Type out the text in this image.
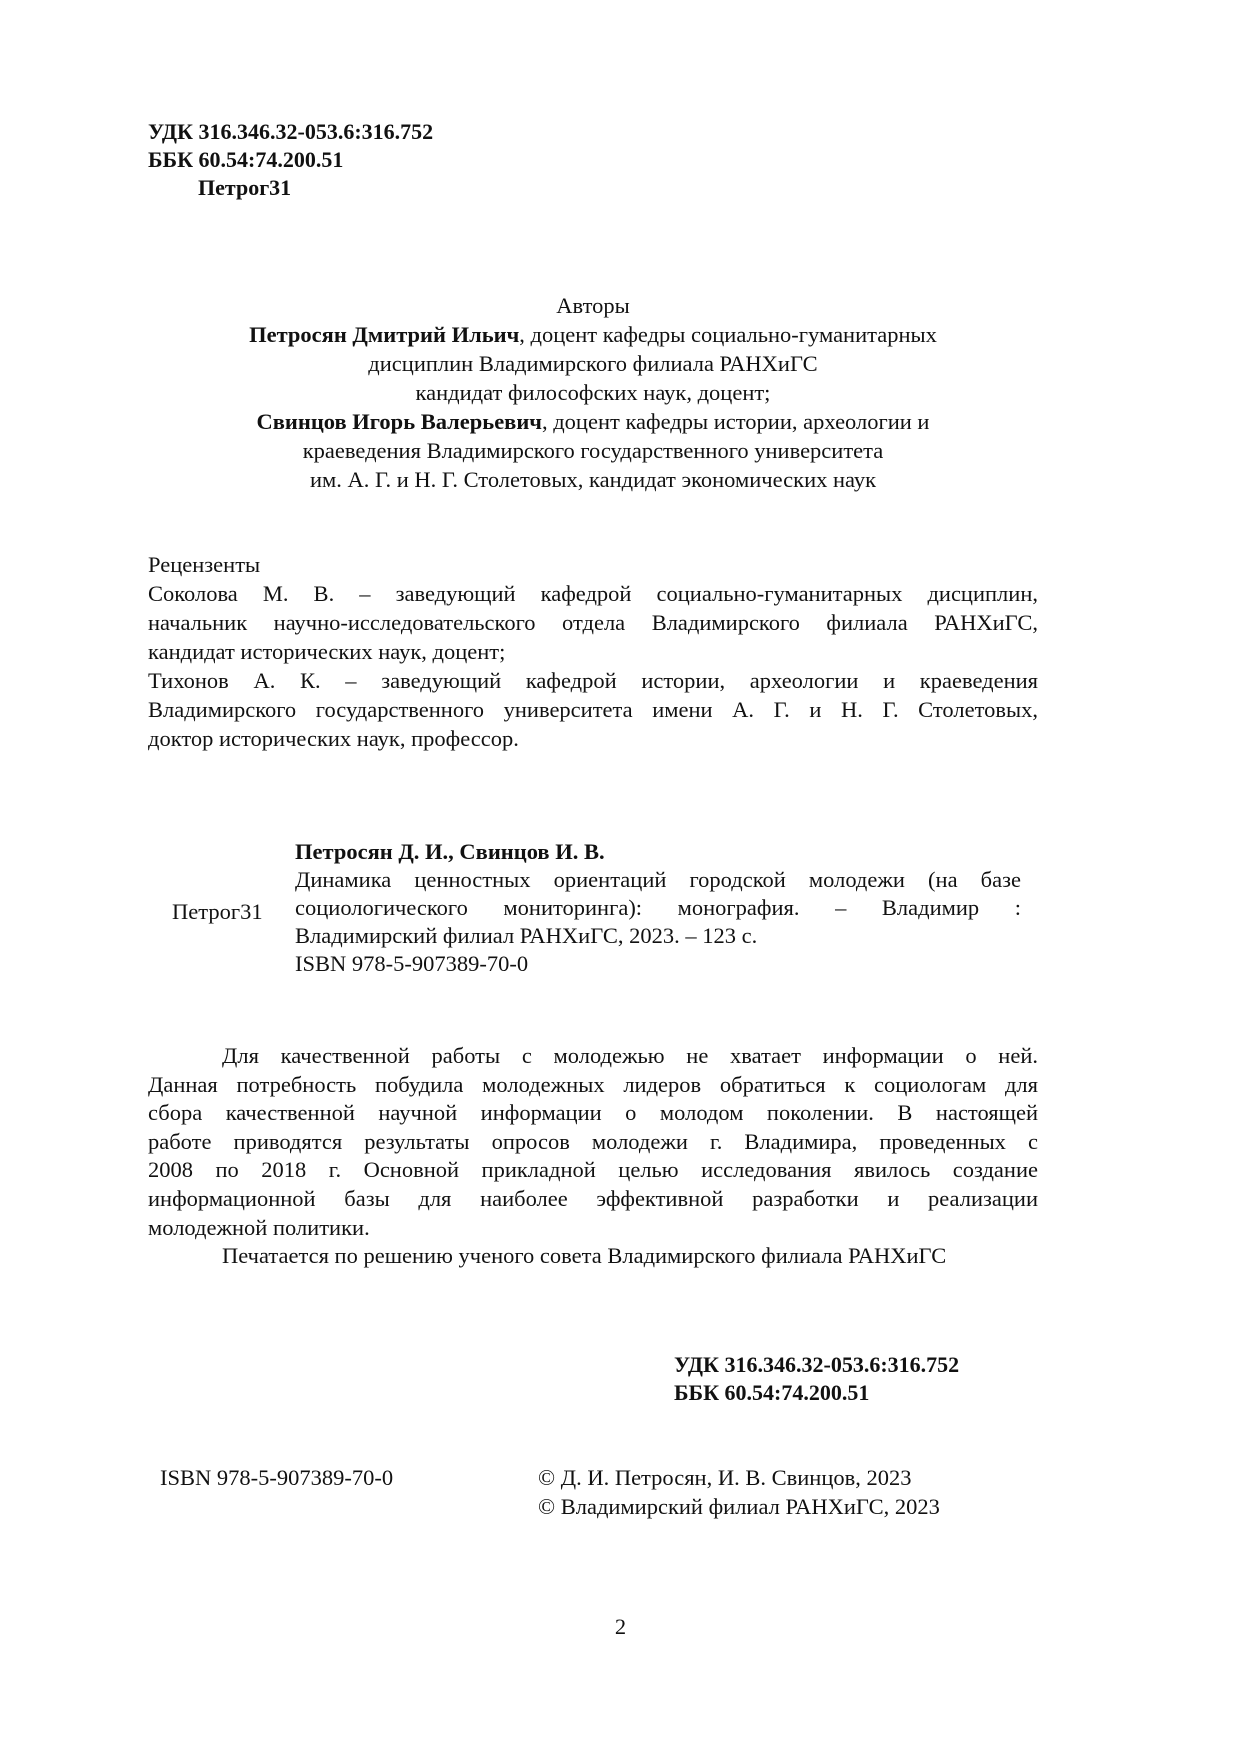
УДК 316.346.32-053.6:316.752
ББК 60.54:74.200.51
Петрог31
Авторы
Петросян Дмитрий Ильич, доцент кафедры социально-гуманитарных
дисциплин Владимирского филиала РАНХиГС
кандидат философских наук, доцент;
Свинцов Игорь Валерьевич, доцент кафедры истории, археологии и
краеведения Владимирского государственного университета
им. А. Г. и Н. Г. Столетовых, кандидат экономических наук
Рецензенты
Соколова М. В. – заведующий кафедрой социально-гуманитарных дисциплин,
начальник научно-исследовательского отдела Владимирского филиала РАНХиГС,
кандидат исторических наук, доцент;
Тихонов А. К. – заведующий кафедрой истории, археологии и краеведения
Владимирского государственного университета имени А. Г. и Н. Г. Столетовых,
доктор исторических наук, профессор.
Петрог31
Петросян Д. И., Свинцов И. В.
Динамика ценностных ориентаций городской молодежи (на базе
социологического мониторинга): монография. – Владимир :
Владимирский филиал РАНХиГС, 2023. – 123 с.
ISBN 978-5-907389-70-0
Для качественной работы с молодежью не хватает информации о ней.
Данная потребность побудила молодежных лидеров обратиться к социологам для
сбора качественной научной информации о молодом поколении. В настоящей
работе приводятся результаты опросов молодежи г. Владимира, проведенных с
2008 по 2018 г. Основной прикладной целью исследования явилось создание
информационной базы для наиболее эффективной разработки и реализации
молодежной политики.
Печатается по решению ученого совета Владимирского филиала РАНХиГС
УДК 316.346.32-053.6:316.752
ББК 60.54:74.200.51
ISBN 978-5-907389-70-0	© Д. И. Петросян, И. В. Свинцов, 2023
© Владимирский филиал РАНХиГС, 2023
2
